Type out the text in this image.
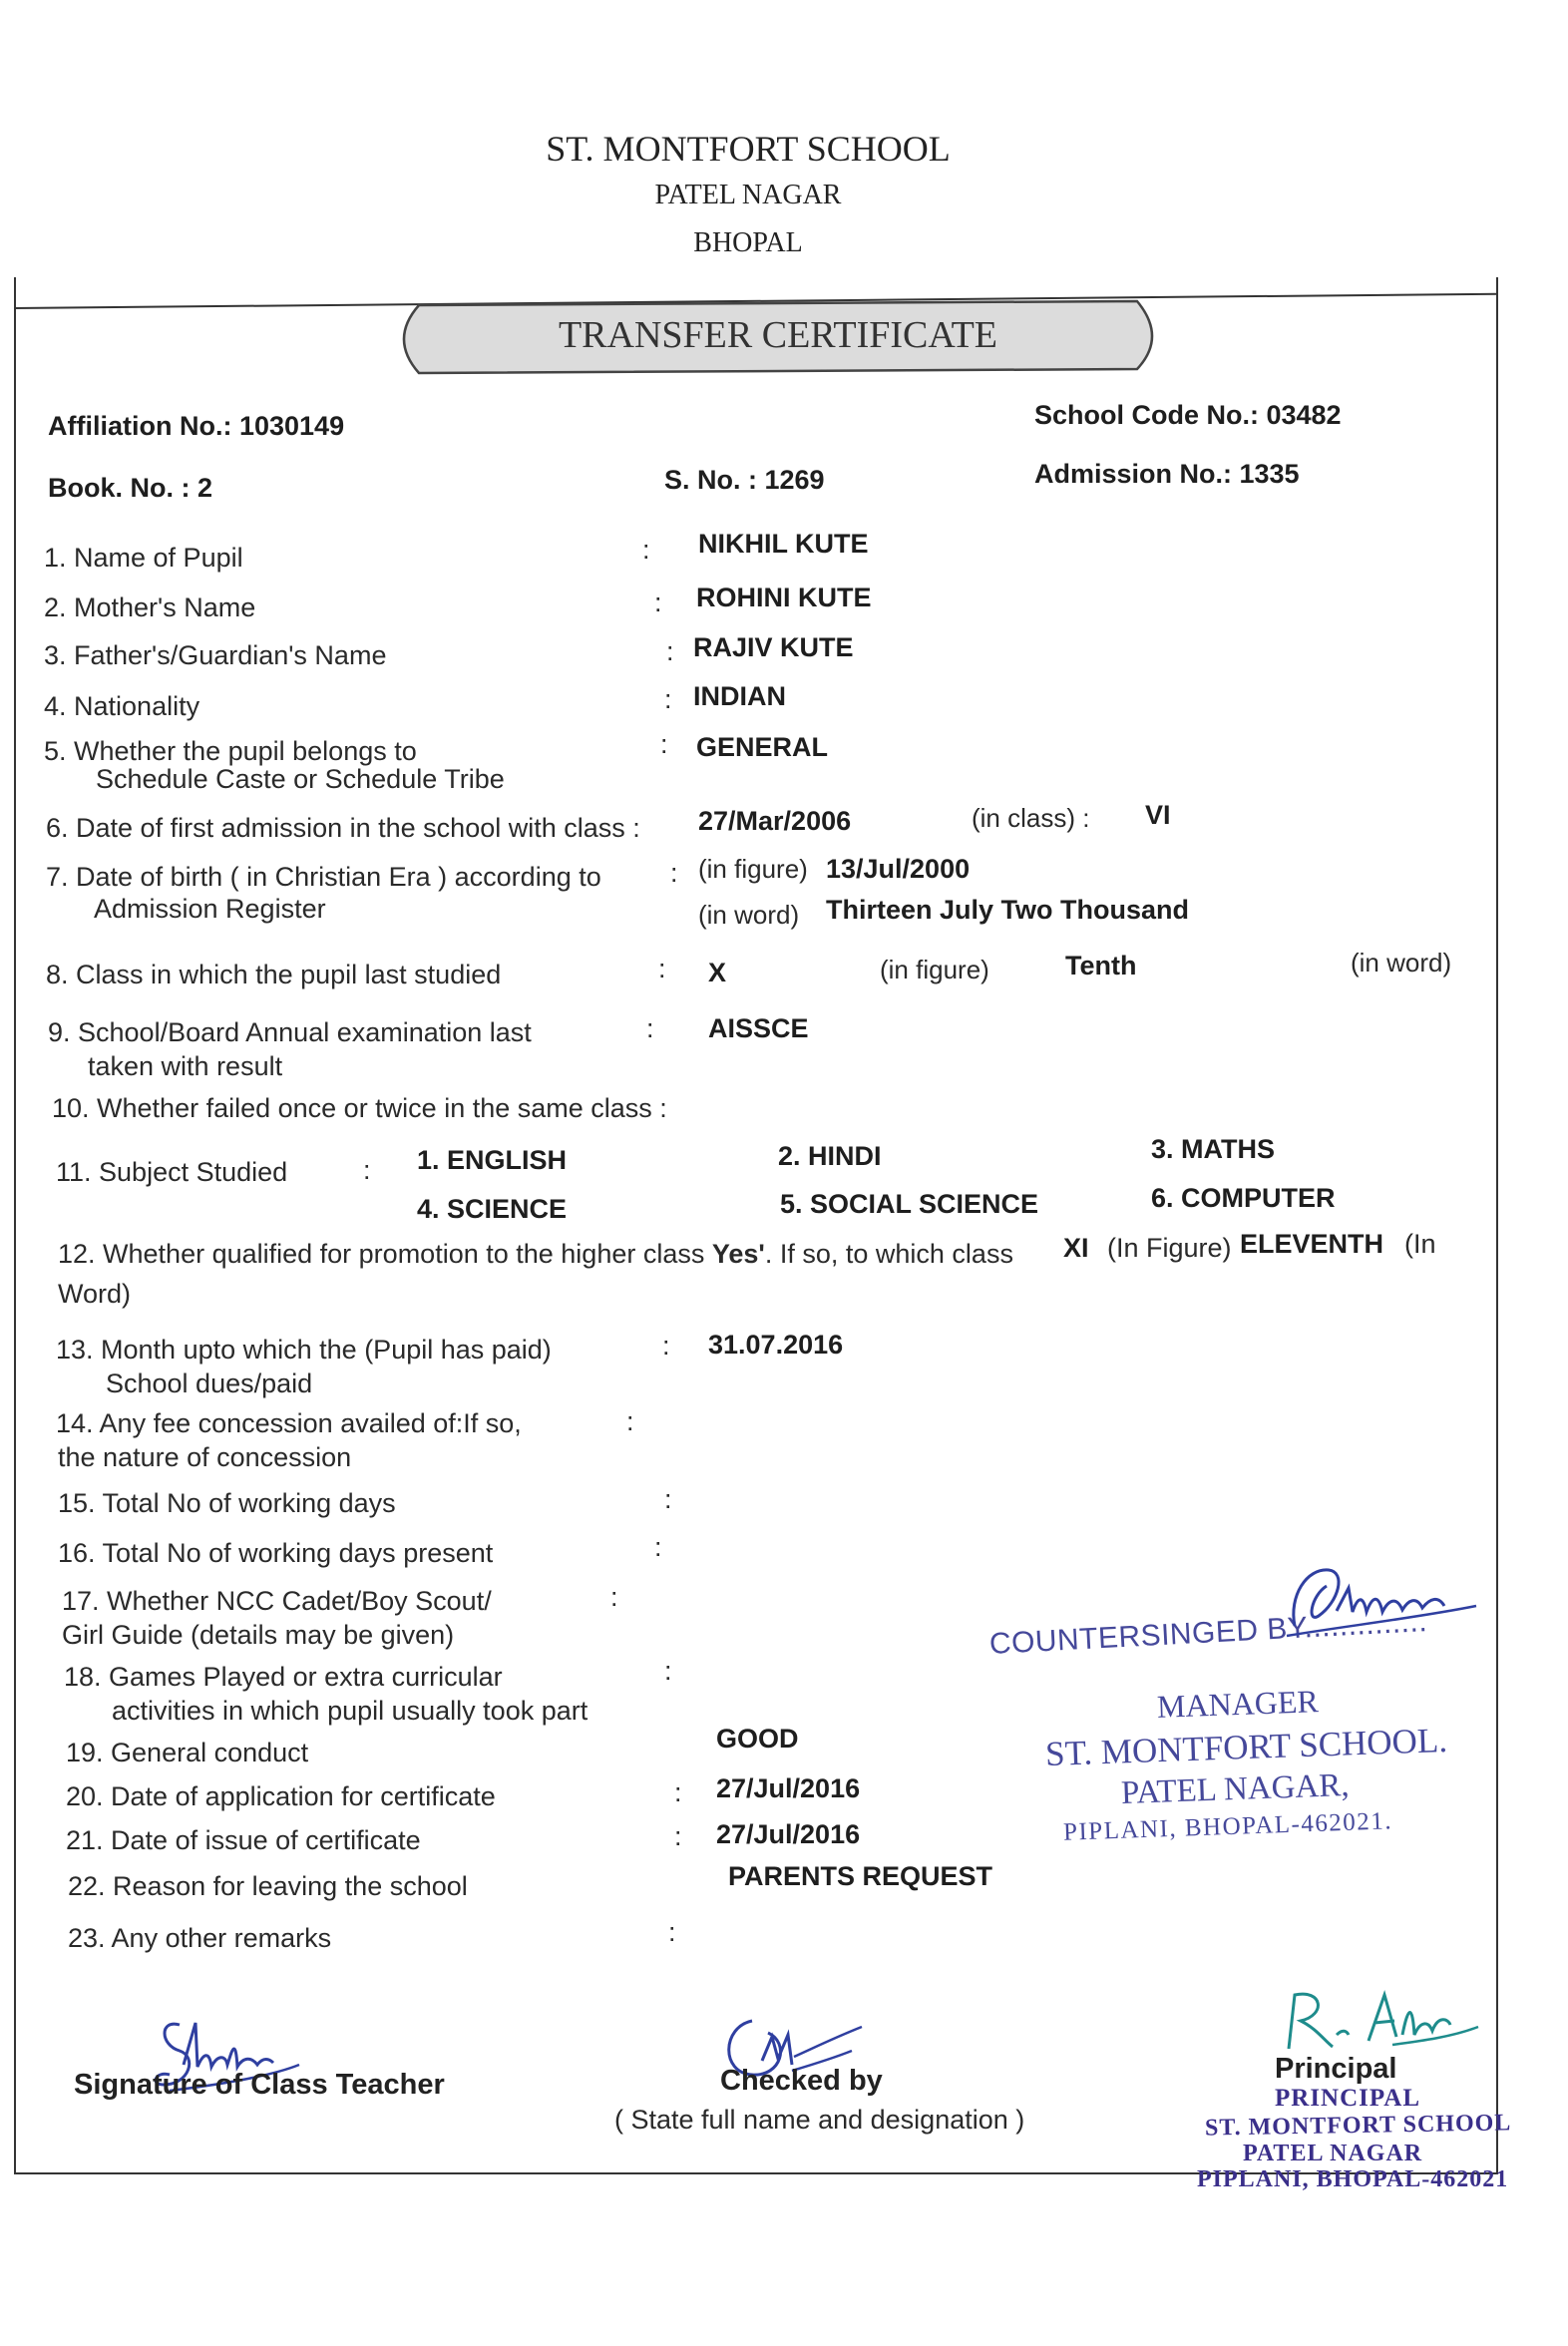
ST. MONTFORT SCHOOL
PATEL NAGAR
BHOPAL
TRANSFER CERTIFICATE
Affiliation No.: 1030149	School Code No.: 03482
Book. No. : 2	S. No. : 1269	Admission No.: 1335
1. Name of Pupil	: NIKHIL KUTE
2. Mother's Name	: ROHINI KUTE
3. Father's/Guardian's Name	: RAJIV KUTE
4. Nationality	: INDIAN
5. Whether the pupil belongs to
Schedule Caste or Schedule Tribe
: GENERAL
6. Date of first admission in the school with class : 27/Mar/2006	(in class) : VI
7. Date of birth ( in Christian Era ) according to
Admission Register
: (in figure) 13/Jul/2000
(in word) Thirteen July Two Thousand
8. Class in which the pupil last studied	: X	(in figure)	Tenth	(in word)
9. School/Board Annual examination last
taken with result
: AISSCE
10. Whether failed once or twice in the same class :
11. Subject Studied	: 1. ENGLISH	2. HINDI	3. MATHS
4. SCIENCE	5. SOCIAL SCIENCE	6. COMPUTER
12. Whether qualified for promotion to the higher class Yes'. If so, to which class XI (In Figure) ELEVENTH (In
Word)
13. Month upto which the (Pupil has paid)
School dues/paid
: 31.07.2016
14. Any fee concession availed of:If so,
the nature of concession
:
15. Total No of working days	:
16. Total No of working days present	:
17. Whether NCC Cadet/Boy Scout/
Girl Guide (details may be given)
:
18. Games Played or extra curricular
activities in which pupil usually took part
:
19. General conduct	GOOD
20. Date of application for certificate	: 27/Jul/2016
21. Date of issue of certificate	: 27/Jul/2016
22. Reason for leaving the school	PARENTS REQUEST
23. Any other remarks	:
COUNTERSINGED BY..............
MANAGER
ST. MONTFORT SCHOOL.
PATEL NAGAR,
PIPLANI, BHOPAL-462021.
Signature of Class Teacher	Checked by
( State full name and designation )
Principal
PRINCIPAL
ST. MONTFORT SCHOOL
PATEL NAGAR
PIPLANI, BHOPAL-462021
